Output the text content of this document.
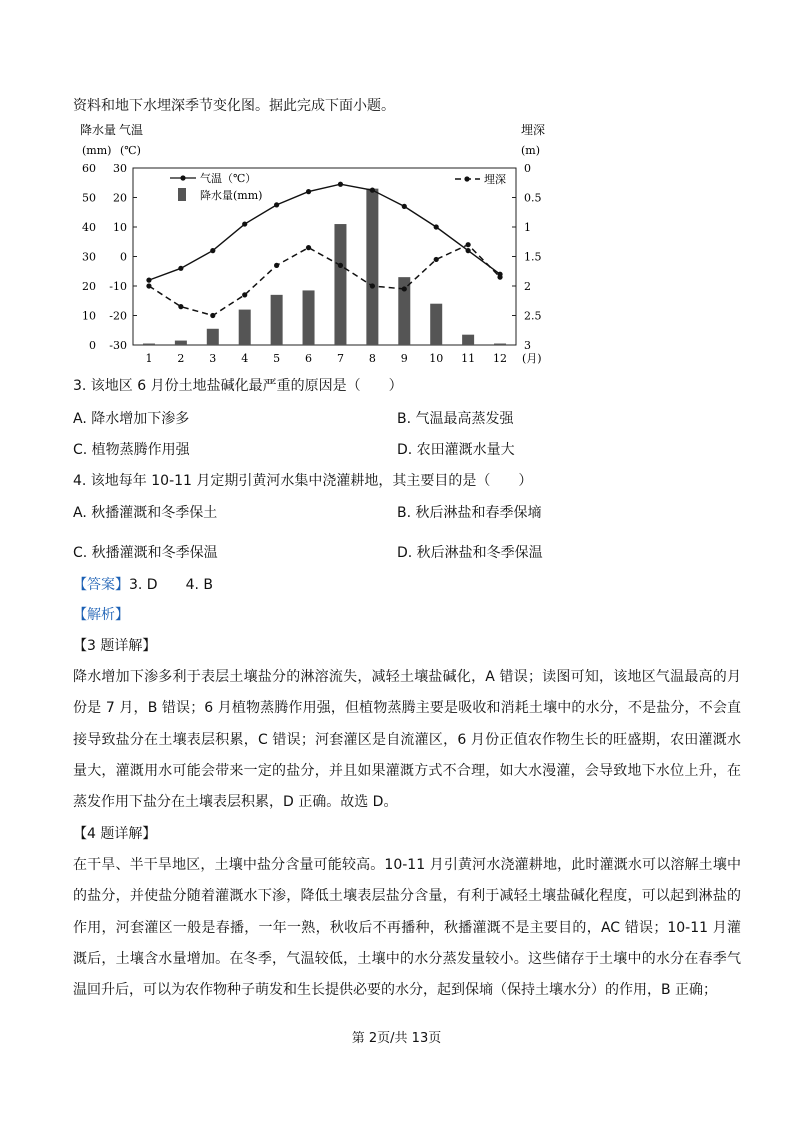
资料和地下水埋深季节变化图。据此完成下面小题。
降水量
(mm)
气温
(℃)
埋深
(m)
60
50
40
30
20
10
0
30
20
10
0
-10
-20
-30
0
0.5
1
1.5
2
2.5
3
1 2 3 4 5 6 7 8 9 10 11 12 (月)
气温（℃）
降水量(mm)
埋深
3. 该地区 6 月份土地盐碱化最严重的原因是（　　）
A. 降水增加下渗多	B. 气温最高蒸发强
C. 植物蒸腾作用强	D. 农田灌溉水量大
4. 该地每年 10-11 月定期引黄河水集中浇灌耕地，其主要目的是（　　）
A. 秋播灌溉和冬季保土	B. 秋后淋盐和春季保墒
C. 秋播灌溉和冬季保温	D. 秋后淋盐和冬季保温
【答案】3. D　　4. B
【解析】
【3 题详解】
降水增加下渗多利于表层土壤盐分的淋溶流失，减轻土壤盐碱化，A 错误；读图可知，该地区气温最高的月份是 7 月，B 错误；6 月植物蒸腾作用强，但植物蒸腾主要是吸收和消耗土壤中的水分，不是盐分，不会直接导致盐分在土壤表层积累，C 错误；河套灌区是自流灌区，6 月份正值农作物生长的旺盛期，农田灌溉水量大，灌溉用水可能会带来一定的盐分，并且如果灌溉方式不合理，如大水漫灌，会导致地下水位上升，在蒸发作用下盐分在土壤表层积累，D 正确。故选 D。
【4 题详解】
在干旱、半干旱地区，土壤中盐分含量可能较高。10-11 月引黄河水浇灌耕地，此时灌溉水可以溶解土壤中的盐分，并使盐分随着灌溉水下渗，降低土壤表层盐分含量，有利于减轻土壤盐碱化程度，可以起到淋盐的作用，河套灌区一般是春播，一年一熟，秋收后不再播种，秋播灌溉不是主要目的，AC 错误；10-11 月灌溉后，土壤含水量增加。在冬季，气温较低，土壤中的水分蒸发量较小。这些储存于土壤中的水分在春季气温回升后，可以为农作物种子萌发和生长提供必要的水分，起到保墒（保持土壤水分）的作用，B 正确；
第 2页/共 13页
